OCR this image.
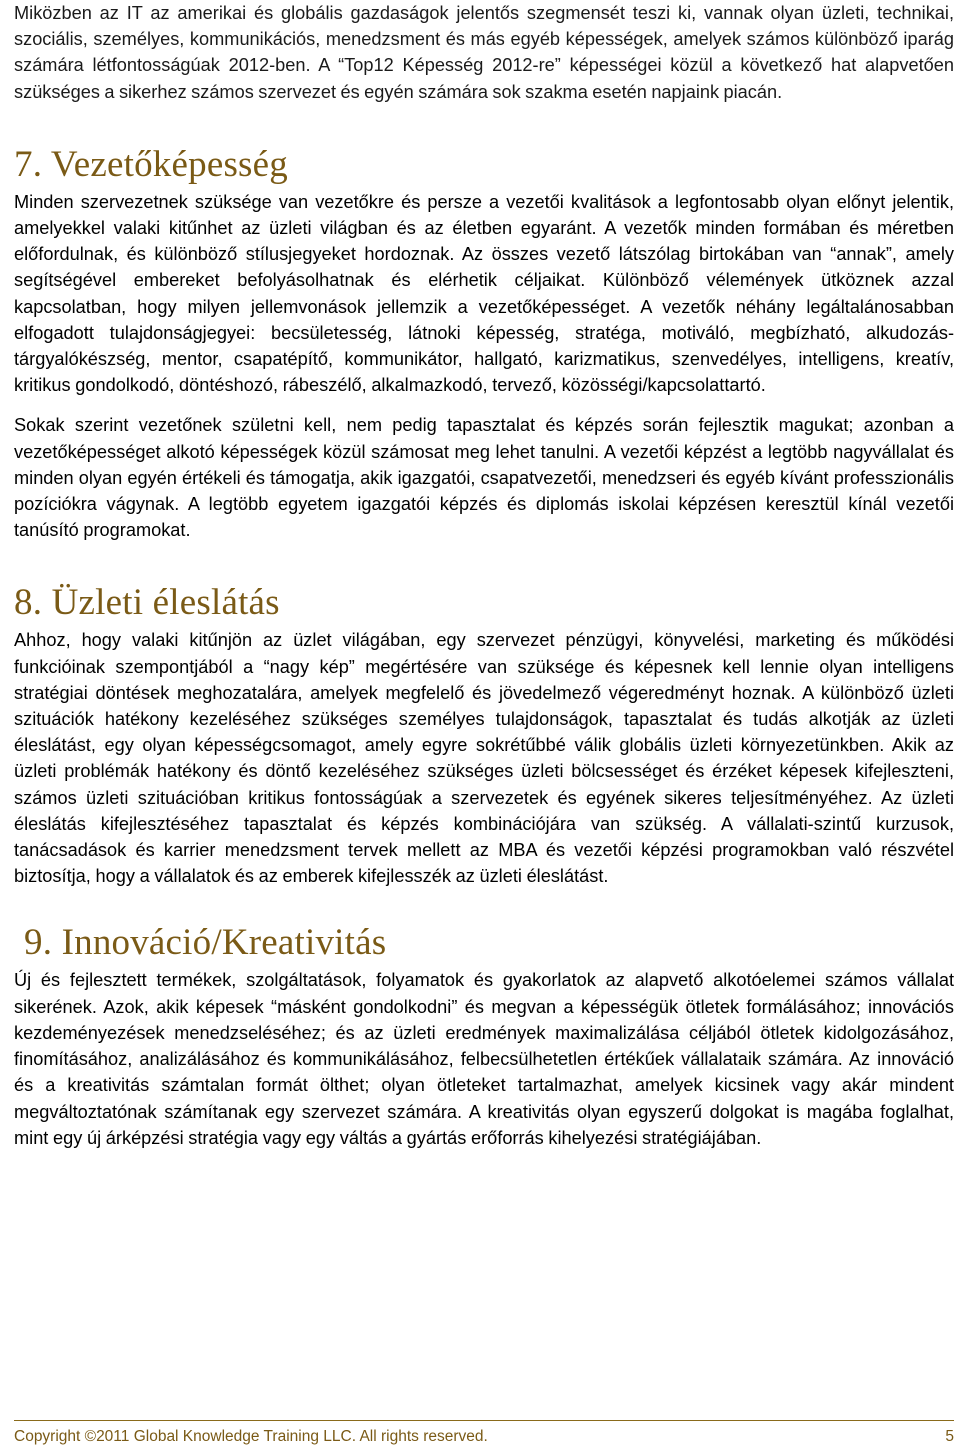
Miközben az IT az amerikai és globális gazdaságok jelentős szegmensét teszi ki, vannak olyan üzleti, technikai, szociális, személyes, kommunikációs, menedzsment és más egyéb képességek, amelyek számos különböző iparág számára létfontosságúak 2012-ben. A “Top12 Képesség 2012-re” képességei közül a következő hat alapvetően szükséges a sikerhez számos szervezet és egyén számára sok szakma esetén napjaink piacán.

7. Vezetőképesség

Minden szervezetnek szüksége van vezetőkre és persze a vezetői kvalitások a legfontosabb olyan előnyt jelentik, amelyekkel valaki kitűnhet az üzleti világban és az életben egyaránt. A vezetők minden formában és méretben előfordulnak, és különböző stílusjegyeket hordoznak. Az összes vezető látszólag birtokában van “annak”, amely segítségével embereket befolyásolhatnak és elérhetik céljaikat. Különböző vélemények ütköznek azzal kapcsolatban, hogy milyen jellemvonások jellemzik a vezetőképességet. A vezetők néhány legáltalánosabban elfogadott tulajdonságjegyei: becsületesség, látnoki képesség, stratéga, motiváló, megbízható, alkudozás-tárgyalókészség, mentor, csapatépítő, kommunikátor, hallgató, karizmatikus, szenvedélyes, intelligens, kreatív, kritikus gondolkodó, döntéshozó, rábeszélő, alkalmazkodó, tervező, közösségi/kapcsolattartó.

Sokak szerint vezetőnek születni kell, nem pedig tapasztalat és képzés során fejlesztik magukat; azonban a vezetőképességet alkotó képességek közül számosat meg lehet tanulni. A vezetői képzést a legtöbb nagyvállalat és minden olyan egyén értékeli és támogatja, akik igazgatói, csapatvezetői, menedzseri és egyéb kívánt professzionális pozíciókra vágynak. A legtöbb egyetem igazgatói képzés és diplomás iskolai képzésen keresztül kínál vezetői tanúsító programokat.

8. Üzleti éleslátás

Ahhoz, hogy valaki kitűnjön az üzlet világában, egy szervezet pénzügyi, könyvelési, marketing és működési funkcióinak szempontjából a “nagy kép” megértésére van szüksége és képesnek kell lennie olyan intelligens stratégiai döntések meghozatalára, amelyek megfelelő és jövedelmező végeredményt hoznak. A különböző üzleti szituációk hatékony kezeléséhez szükséges személyes tulajdonságok, tapasztalat és tudás alkotják az üzleti éleslátást, egy olyan képességcsomagot, amely egyre sokrétűbbé válik globális üzleti környezetünkben. Akik az üzleti problémák hatékony és döntő kezeléséhez szükséges üzleti bölcsességet és érzéket képesek kifejleszteni, számos üzleti szituációban kritikus fontosságúak a szervezetek és egyének sikeres teljesítményéhez. Az üzleti éleslátás kifejlesztéséhez tapasztalat és képzés kombinációjára van szükség. A vállalati-szintű kurzusok, tanácsadások és karrier menedzsment tervek mellett az MBA és vezetői képzési programokban való részvétel biztosítja, hogy a vállalatok és az emberek kifejlesszék az üzleti éleslátást.

9. Innováció/Kreativitás

Új és fejlesztett termékek, szolgáltatások, folyamatok és gyakorlatok az alapvető alkotóelemei számos vállalat sikerének. Azok, akik képesek “másként gondolkodni” és megvan a képességük ötletek formálásához; innovációs kezdeményezések menedzseléséhez; és az üzleti eredmények maximalizálása céljából ötletek kidolgozásához, finomításához, analizálásához és kommunikálásához, felbecsülhetetlen értékűek vállalataik számára. Az innováció és a kreativitás számtalan formát ölthet; olyan ötleteket tartalmazhat, amelyek kicsinek vagy akár mindent megváltoztatónak számítanak egy szervezet számára. A kreativitás olyan egyszerű dolgokat is magába foglalhat, mint egy új árképzési stratégia vagy egy váltás a gyártás erőforrás kihelyezési stratégiájában.

Copyright ©2011 Global Knowledge Training LLC. All rights reserved.	5
